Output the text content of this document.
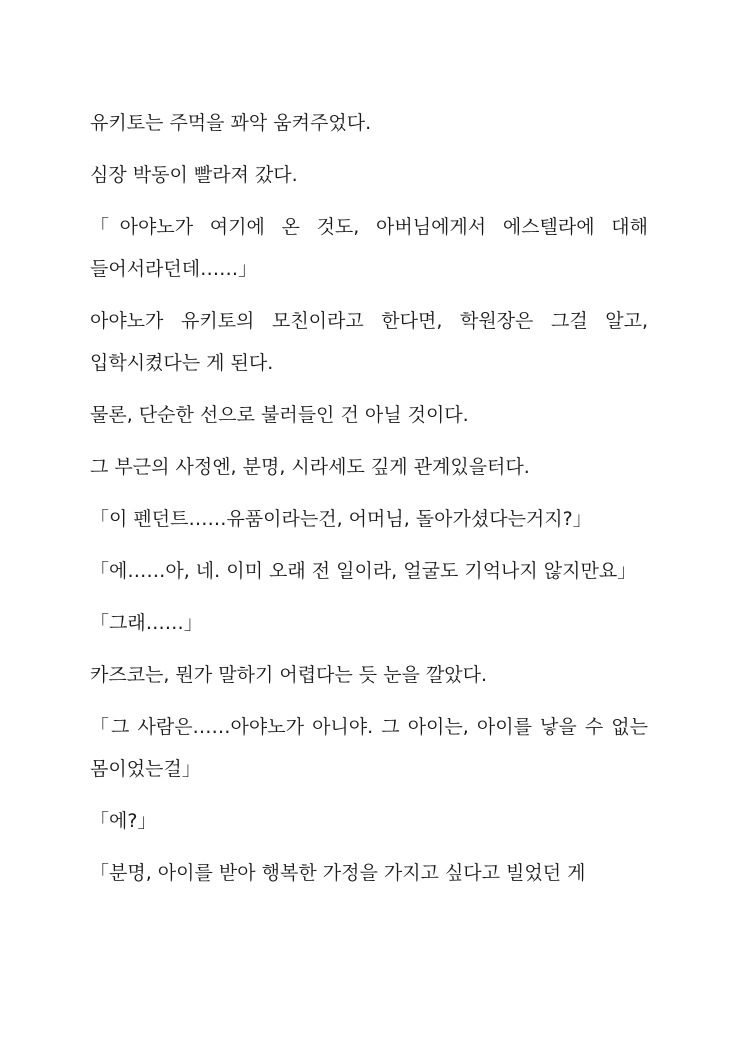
유키토는 주먹을 꽈악 움켜주었다.

심장 박동이 빨라져 갔다.

「아야노가 여기에 온 것도, 아버님에게서 에스텔라에 대해 들어서라던데……」

아야노가 유키토의 모친이라고 한다면, 학원장은 그걸 알고, 입학시켰다는 게 된다.

물론, 단순한 선으로 불러들인 건 아닐 것이다.

그 부근의 사정엔, 분명, 시라세도 깊게 관계있을터다.

「이 펜던트……유품이라는건, 어머님, 돌아가셨다는거지?」

「에……아, 네. 이미 오래 전 일이라, 얼굴도 기억나지 않지만요」

「그래……」

카즈코는, 뭔가 말하기 어렵다는 듯 눈을 깔았다.

「그 사람은……아야노가 아니야. 그 아이는, 아이를 낳을 수 없는 몸이었는걸」

「에?」

「분명, 아이를 받아 행복한 가정을 가지고 싶다고 빌었던 게
